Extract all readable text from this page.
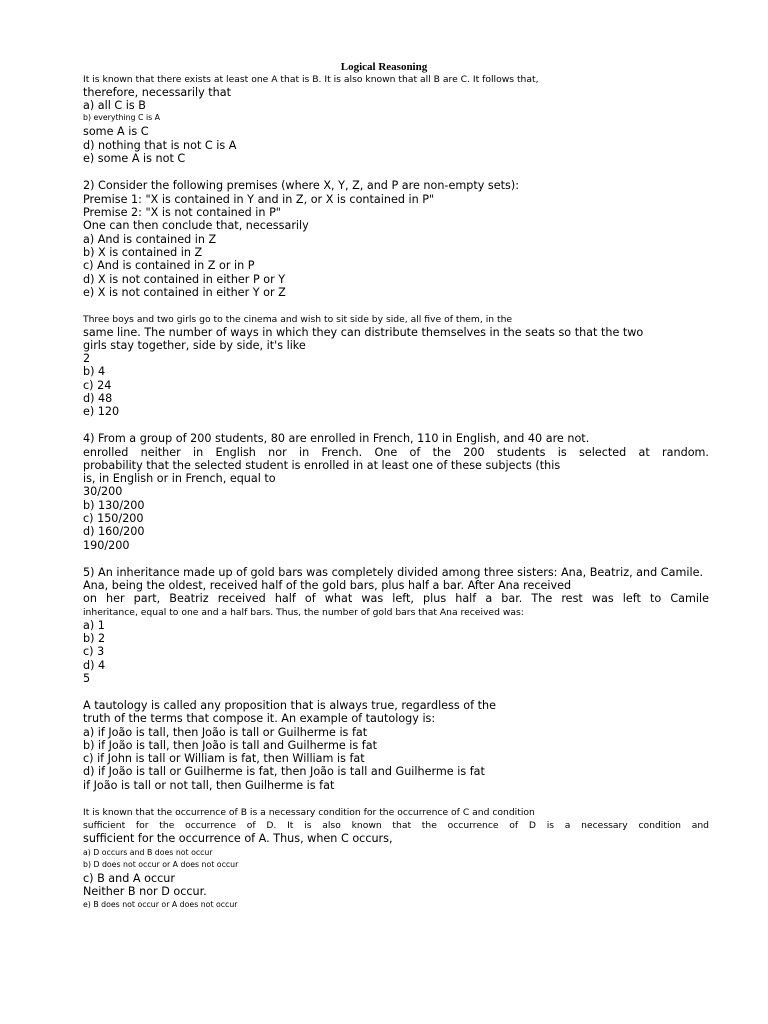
Logical Reasoning
It is known that there exists at least one A that is B. It is also known that all B are C. It follows that,
therefore, necessarily that
a) all C is B
b) everything C is A
some A is C
d) nothing that is not C is A
e) some A is not C
2) Consider the following premises (where X, Y, Z, and P are non-empty sets):
Premise 1: "X is contained in Y and in Z, or X is contained in P"
Premise 2: "X is not contained in P"
One can then conclude that, necessarily
a) And is contained in Z
b) X is contained in Z
c) And is contained in Z or in P
d) X is not contained in either P or Y
e) X is not contained in either Y or Z
Three boys and two girls go to the cinema and wish to sit side by side, all five of them, in the
same line. The number of ways in which they can distribute themselves in the seats so that the two
girls stay together, side by side, it's like
2
b) 4
c) 24
d) 48
e) 120
4) From a group of 200 students, 80 are enrolled in French, 110 in English, and 40 are not.
enrolled neither in English nor in French. One of the 200 students is selected at random.
probability that the selected student is enrolled in at least one of these subjects (this
is, in English or in French, equal to
30/200
b) 130/200
c) 150/200
d) 160/200
190/200
5) An inheritance made up of gold bars was completely divided among three sisters: Ana, Beatriz, and Camile.
Ana, being the oldest, received half of the gold bars, plus half a bar. After Ana received
on her part, Beatriz received half of what was left, plus half a bar. The rest was left to Camile
inheritance, equal to one and a half bars. Thus, the number of gold bars that Ana received was:
a) 1
b) 2
c) 3
d) 4
5
A tautology is called any proposition that is always true, regardless of the
truth of the terms that compose it. An example of tautology is:
a) if João is tall, then João is tall or Guilherme is fat
b) if João is tall, then João is tall and Guilherme is fat
c) if John is tall or William is fat, then William is fat
d) if João is tall or Guilherme is fat, then João is tall and Guilherme is fat
if João is tall or not tall, then Guilherme is fat
It is known that the occurrence of B is a necessary condition for the occurrence of C and condition
sufficient for the occurrence of D. It is also known that the occurrence of D is a necessary condition and
sufficient for the occurrence of A. Thus, when C occurs,
a) D occurs and B does not occur
b) D does not occur or A does not occur
c) B and A occur
Neither B nor D occur.
e) B does not occur or A does not occur
